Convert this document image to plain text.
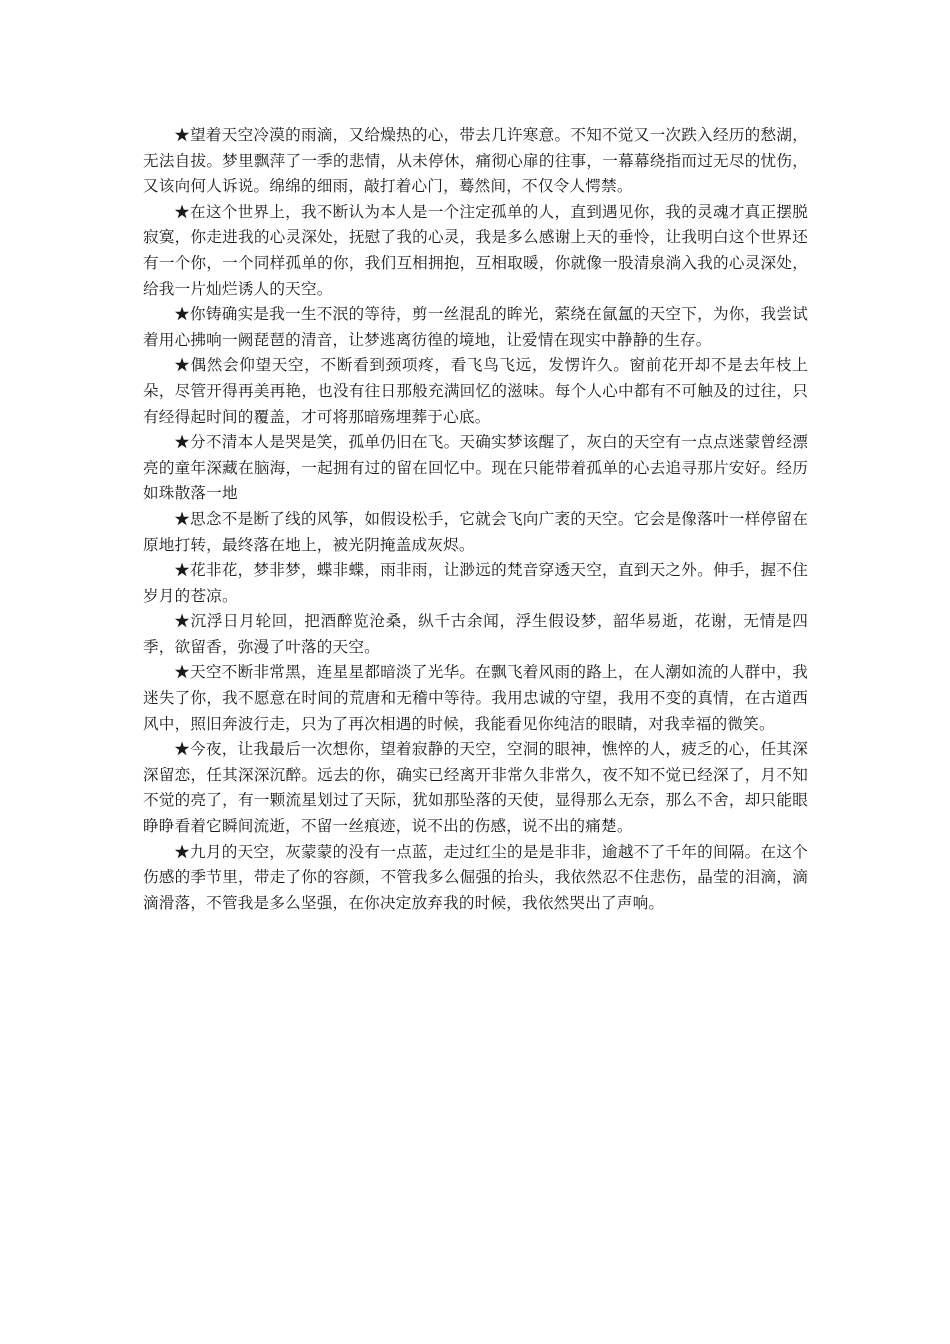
★望着天空冷漠的雨滴，又给燥热的心，带去几许寒意。不知不觉又一次跌入经历的愁湖，无法自拔。梦里飘萍了一季的悲情，从未停休，痛彻心扉的往事，一幕幕绕指而过无尽的忧伤，又该向何人诉说。绵绵的细雨，敲打着心门，蓦然间，不仅令人愕禁。

★在这个世界上，我不断认为本人是一个注定孤单的人，直到遇见你，我的灵魂才真正摆脱寂寞，你走进我的心灵深处，抚慰了我的心灵，我是多么感谢上天的垂怜，让我明白这个世界还有一个你，一个同样孤单的你，我们互相拥抱，互相取暖，你就像一股清泉淌入我的心灵深处，给我一片灿烂诱人的天空。

★你铸确实是我一生不泯的等待，剪一丝混乱的眸光，萦绕在氤氲的天空下，为你，我尝试着用心拂响一阙琵琶的清音，让梦逃离彷徨的境地，让爱情在现实中静静的生存。

★偶然会仰望天空，不断看到颈项疼，看飞鸟飞远，发愣许久。窗前花开却不是去年枝上朵，尽管开得再美再艳，也没有往日那般充满回忆的滋味。每个人心中都有不可触及的过往，只有经得起时间的覆盖，才可将那暗殇埋葬于心底。

★分不清本人是哭是笑，孤单仍旧在飞。天确实梦该醒了，灰白的天空有一点点迷蒙曾经漂亮的童年深藏在脑海，一起拥有过的留在回忆中。现在只能带着孤单的心去追寻那片安好。经历如珠散落一地

★思念不是断了线的风筝，如假设松手，它就会飞向广袤的天空。它会是像落叶一样停留在原地打转，最终落在地上，被光阴掩盖成灰烬。

★花非花，梦非梦，蝶非蝶，雨非雨，让渺远的梵音穿透天空，直到天之外。伸手，握不住岁月的苍凉。

★沉浮日月轮回，把酒醉览沧桑，纵千古余闻，浮生假设梦，韶华易逝，花谢，无情是四季，欲留香，弥漫了叶落的天空。

★天空不断非常黑，连星星都暗淡了光华。在飘飞着风雨的路上，在人潮如流的人群中，我迷失了你，我不愿意在时间的荒唐和无稽中等待。我用忠诚的守望，我用不变的真情，在古道西风中，照旧奔波行走，只为了再次相遇的时候，我能看见你纯洁的眼睛，对我幸福的微笑。

★今夜，让我最后一次想你，望着寂静的天空，空洞的眼神，憔悴的人，疲乏的心，任其深深留恋，任其深深沉醉。远去的你，确实已经离开非常久非常久，夜不知不觉已经深了，月不知不觉的亮了，有一颗流星划过了天际，犹如那坠落的天使，显得那么无奈，那么不舍，却只能眼睁睁看着它瞬间流逝，不留一丝痕迹，说不出的伤感，说不出的痛楚。

★九月的天空，灰蒙蒙的没有一点蓝，走过红尘的是是非非，逾越不了千年的间隔。在这个伤感的季节里，带走了你的容颜，不管我多么倔强的抬头，我依然忍不住悲伤，晶莹的泪滴，滴滴滑落，不管我是多么坚强，在你决定放弃我的时候，我依然哭出了声响。
